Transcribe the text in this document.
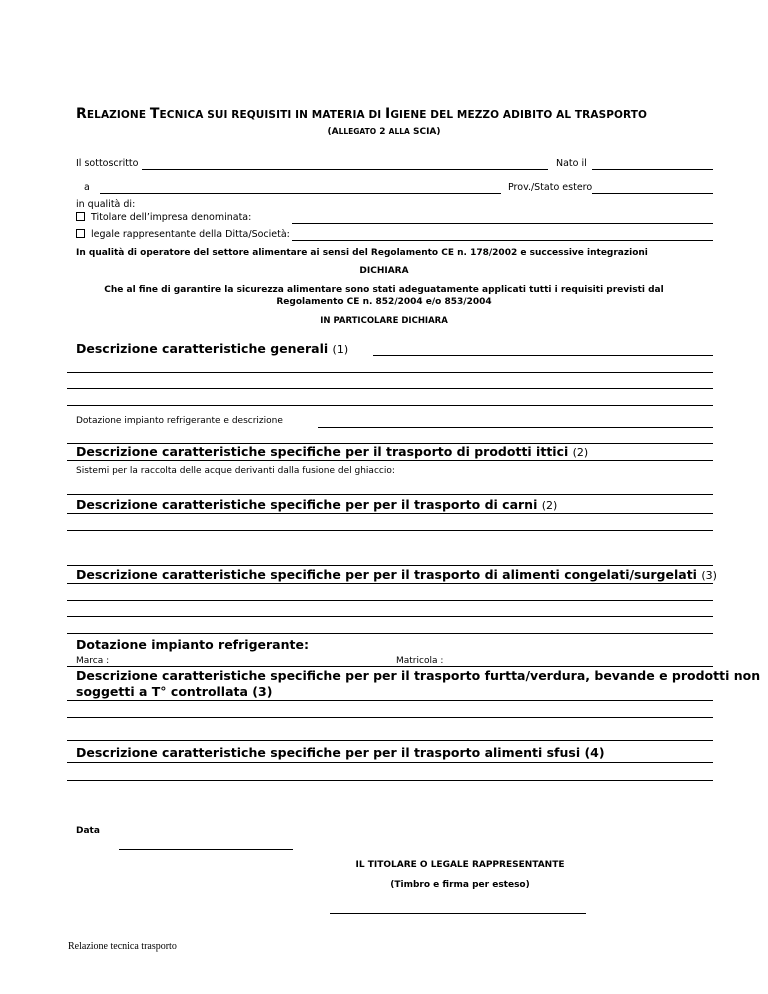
RELAZIONE TECNICA SUI REQUISITI IN MATERIA DI IGIENE DEL MEZZO ADIBITO AL TRASPORTO
(ALLEGATO 2 ALLA SCIA)
Il sottoscritto	Nato il
a	Prov./Stato estero
in qualità di:
Titolare dell’impresa denominata:
legale rappresentante della Ditta/Società:
In qualità di operatore del settore alimentare ai sensi del Regolamento CE n. 178/2002 e successive integrazioni
DICHIARA
Che al fine di garantire la sicurezza alimentare sono stati adeguatamente applicati tutti i requisiti previsti dal
Regolamento CE n. 852/2004 e/o 853/2004
IN PARTICOLARE DICHIARA
Descrizione caratteristiche generali (1)
Dotazione impianto refrigerante e descrizione
Descrizione caratteristiche specifiche per il trasporto di prodotti ittici (2)
Sistemi per la raccolta delle acque derivanti dalla fusione del ghiaccio:
Descrizione caratteristiche specifiche per per il trasporto di carni (2)
Descrizione caratteristiche specifiche per per il trasporto di alimenti congelati/surgelati (3)
Dotazione impianto refrigerante:
Marca :	Matricola :
Descrizione caratteristiche specifiche per per il trasporto furtta/verdura, bevande e prodotti non
soggetti a T° controllata (3)
Descrizione caratteristiche specifiche per per il trasporto alimenti sfusi (4)
Data
IL TITOLARE O LEGALE RAPPRESENTANTE
(Timbro e firma per esteso)
Relazione tecnica trasporto
